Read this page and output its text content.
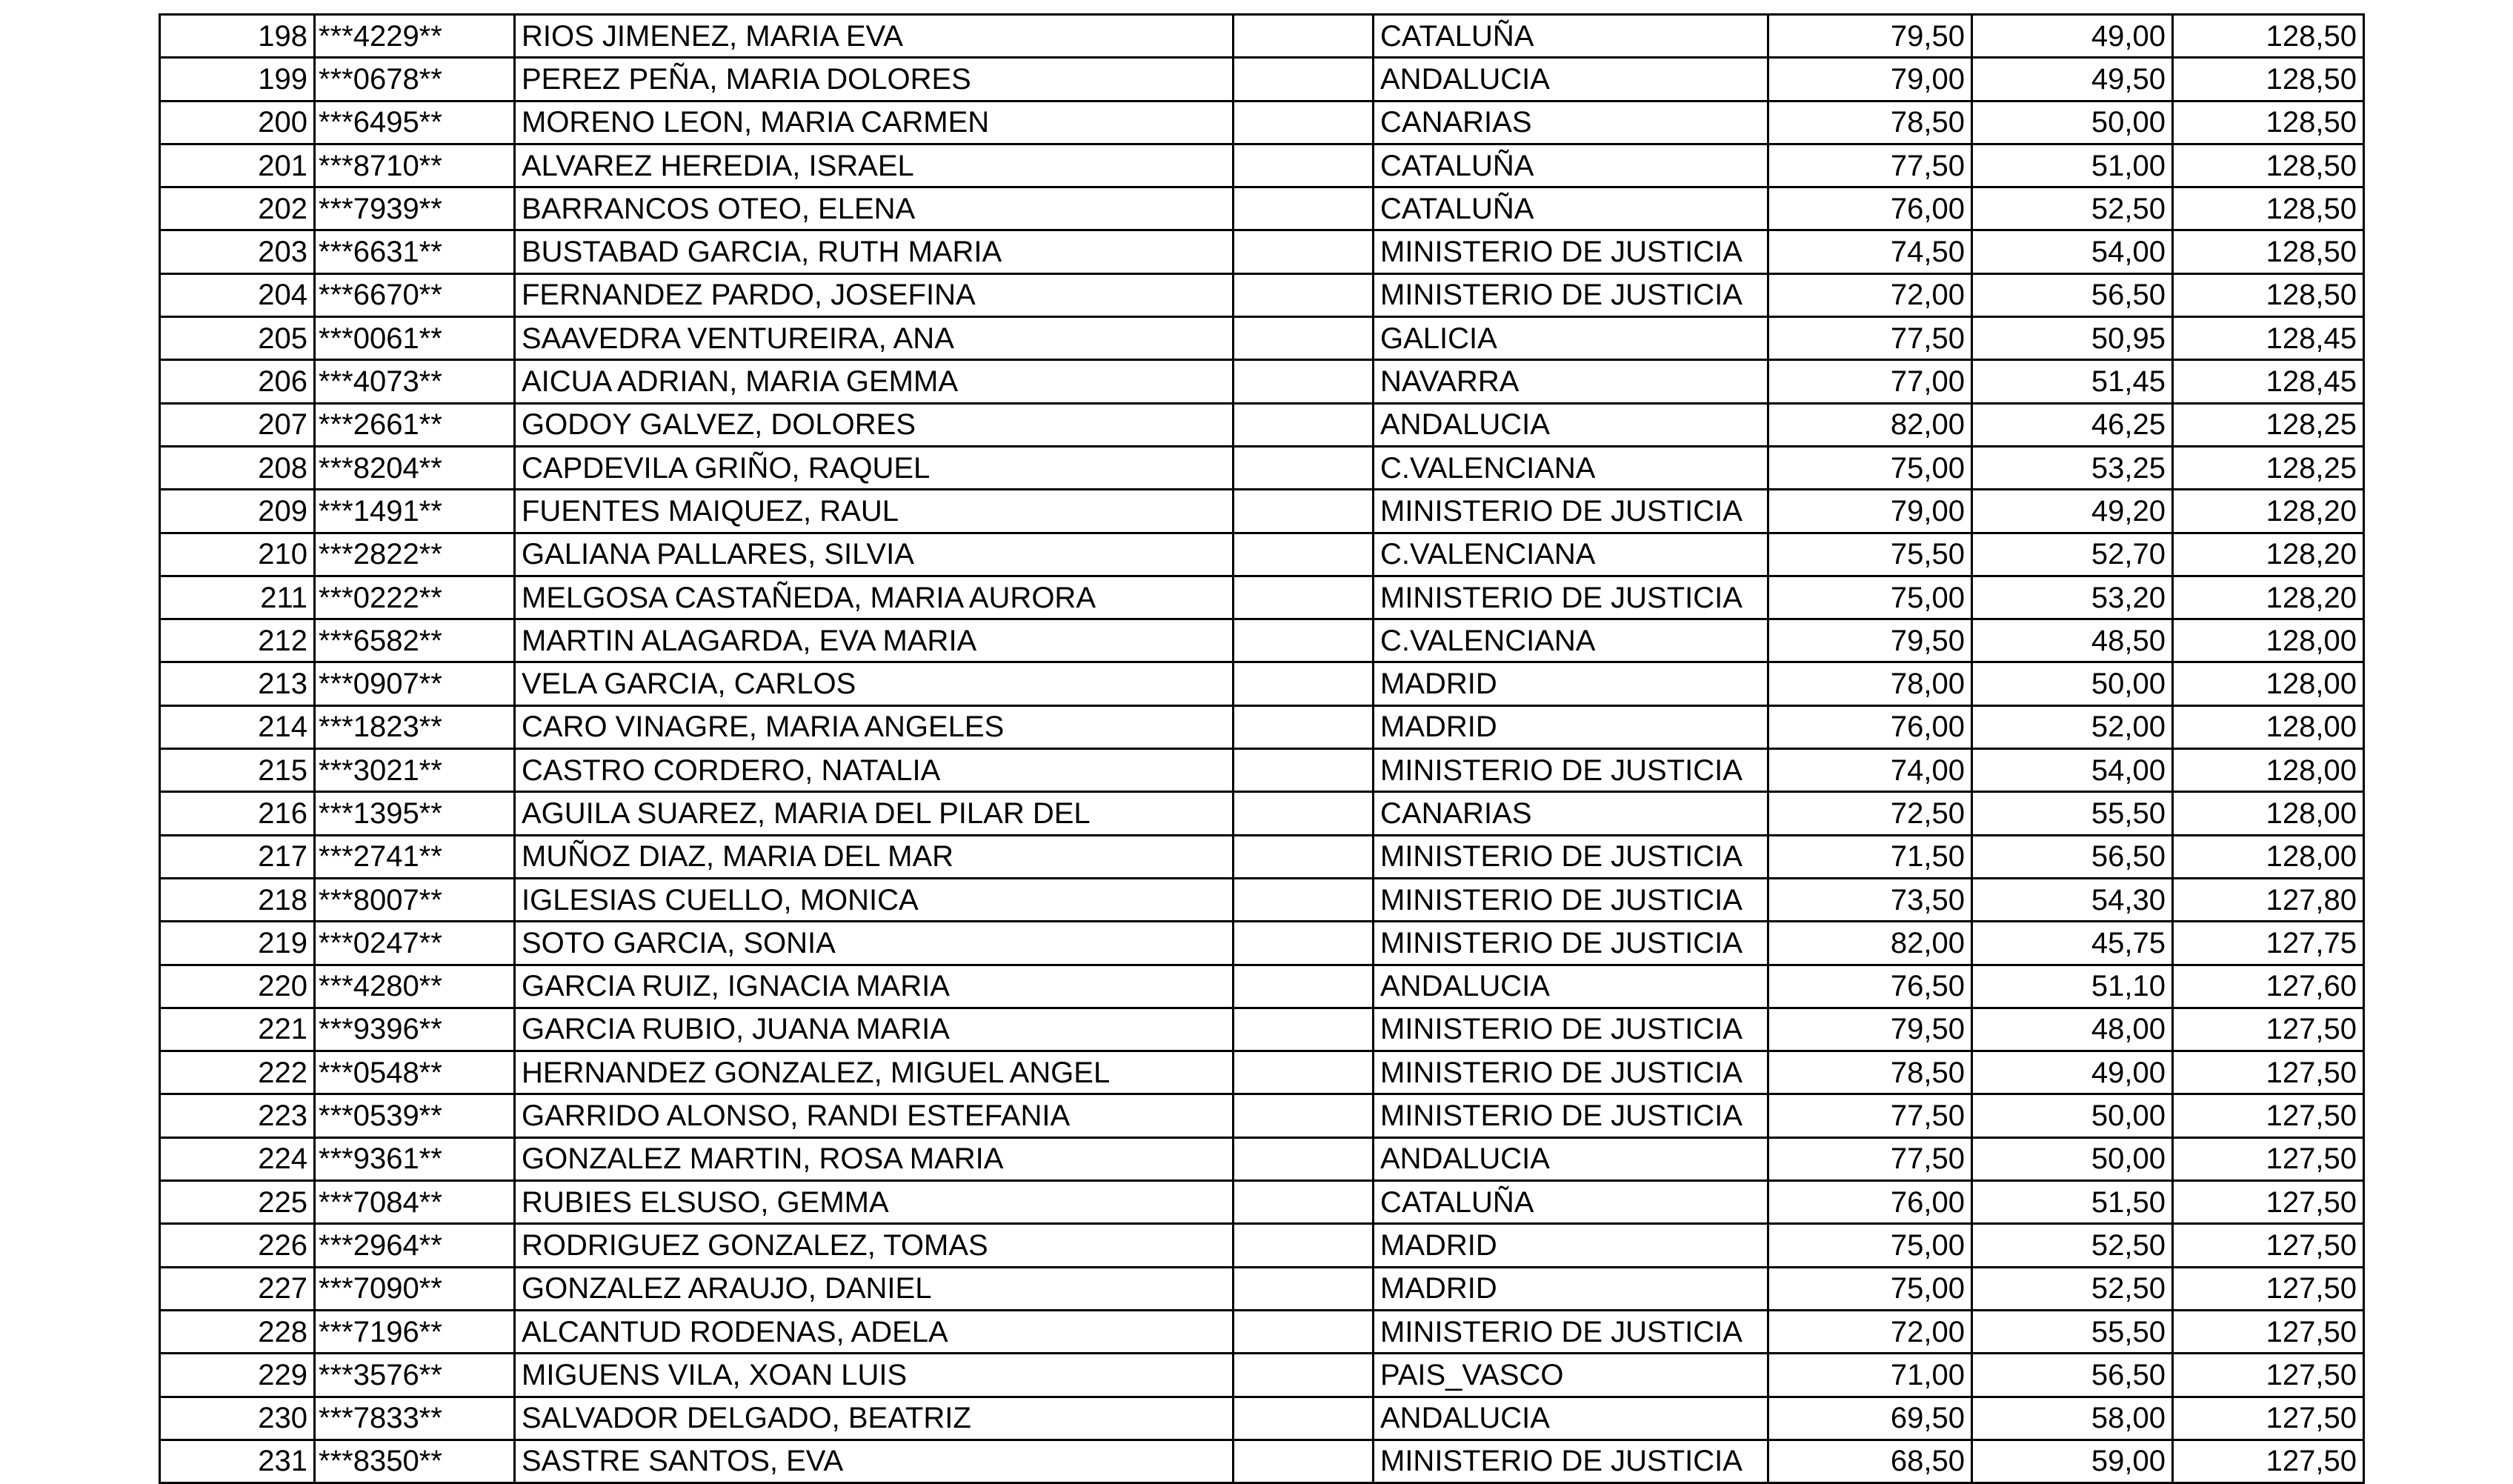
198	***4229**	RIOS JIMENEZ, MARIA EVA		CATALUÑA	79,50	49,00	128,50
199	***0678**	PEREZ PEÑA, MARIA DOLORES		ANDALUCIA	79,00	49,50	128,50
200	***6495**	MORENO LEON, MARIA CARMEN		CANARIAS	78,50	50,00	128,50
201	***8710**	ALVAREZ HEREDIA, ISRAEL		CATALUÑA	77,50	51,00	128,50
202	***7939**	BARRANCOS OTEO, ELENA		CATALUÑA	76,00	52,50	128,50
203	***6631**	BUSTABAD GARCIA, RUTH MARIA		MINISTERIO DE JUSTICIA	74,50	54,00	128,50
204	***6670**	FERNANDEZ PARDO, JOSEFINA		MINISTERIO DE JUSTICIA	72,00	56,50	128,50
205	***0061**	SAAVEDRA VENTUREIRA, ANA		GALICIA	77,50	50,95	128,45
206	***4073**	AICUA ADRIAN, MARIA GEMMA		NAVARRA	77,00	51,45	128,45
207	***2661**	GODOY GALVEZ, DOLORES		ANDALUCIA	82,00	46,25	128,25
208	***8204**	CAPDEVILA GRIÑO, RAQUEL		C.VALENCIANA	75,00	53,25	128,25
209	***1491**	FUENTES MAIQUEZ, RAUL		MINISTERIO DE JUSTICIA	79,00	49,20	128,20
210	***2822**	GALIANA PALLARES, SILVIA		C.VALENCIANA	75,50	52,70	128,20
211	***0222**	MELGOSA CASTAÑEDA, MARIA AURORA		MINISTERIO DE JUSTICIA	75,00	53,20	128,20
212	***6582**	MARTIN ALAGARDA, EVA MARIA		C.VALENCIANA	79,50	48,50	128,00
213	***0907**	VELA GARCIA, CARLOS		MADRID	78,00	50,00	128,00
214	***1823**	CARO VINAGRE, MARIA ANGELES		MADRID	76,00	52,00	128,00
215	***3021**	CASTRO CORDERO, NATALIA		MINISTERIO DE JUSTICIA	74,00	54,00	128,00
216	***1395**	AGUILA SUAREZ, MARIA DEL PILAR DEL		CANARIAS	72,50	55,50	128,00
217	***2741**	MUÑOZ DIAZ, MARIA DEL MAR		MINISTERIO DE JUSTICIA	71,50	56,50	128,00
218	***8007**	IGLESIAS CUELLO, MONICA		MINISTERIO DE JUSTICIA	73,50	54,30	127,80
219	***0247**	SOTO GARCIA, SONIA		MINISTERIO DE JUSTICIA	82,00	45,75	127,75
220	***4280**	GARCIA RUIZ, IGNACIA MARIA		ANDALUCIA	76,50	51,10	127,60
221	***9396**	GARCIA RUBIO, JUANA MARIA		MINISTERIO DE JUSTICIA	79,50	48,00	127,50
222	***0548**	HERNANDEZ GONZALEZ, MIGUEL ANGEL		MINISTERIO DE JUSTICIA	78,50	49,00	127,50
223	***0539**	GARRIDO ALONSO, RANDI ESTEFANIA		MINISTERIO DE JUSTICIA	77,50	50,00	127,50
224	***9361**	GONZALEZ MARTIN, ROSA MARIA		ANDALUCIA	77,50	50,00	127,50
225	***7084**	RUBIES ELSUSO, GEMMA		CATALUÑA	76,00	51,50	127,50
226	***2964**	RODRIGUEZ GONZALEZ, TOMAS		MADRID	75,00	52,50	127,50
227	***7090**	GONZALEZ ARAUJO, DANIEL		MADRID	75,00	52,50	127,50
228	***7196**	ALCANTUD RODENAS, ADELA		MINISTERIO DE JUSTICIA	72,00	55,50	127,50
229	***3576**	MIGUENS VILA, XOAN LUIS		PAIS_VASCO	71,00	56,50	127,50
230	***7833**	SALVADOR DELGADO, BEATRIZ		ANDALUCIA	69,50	58,00	127,50
231	***8350**	SASTRE SANTOS, EVA		MINISTERIO DE JUSTICIA	68,50	59,00	127,50
